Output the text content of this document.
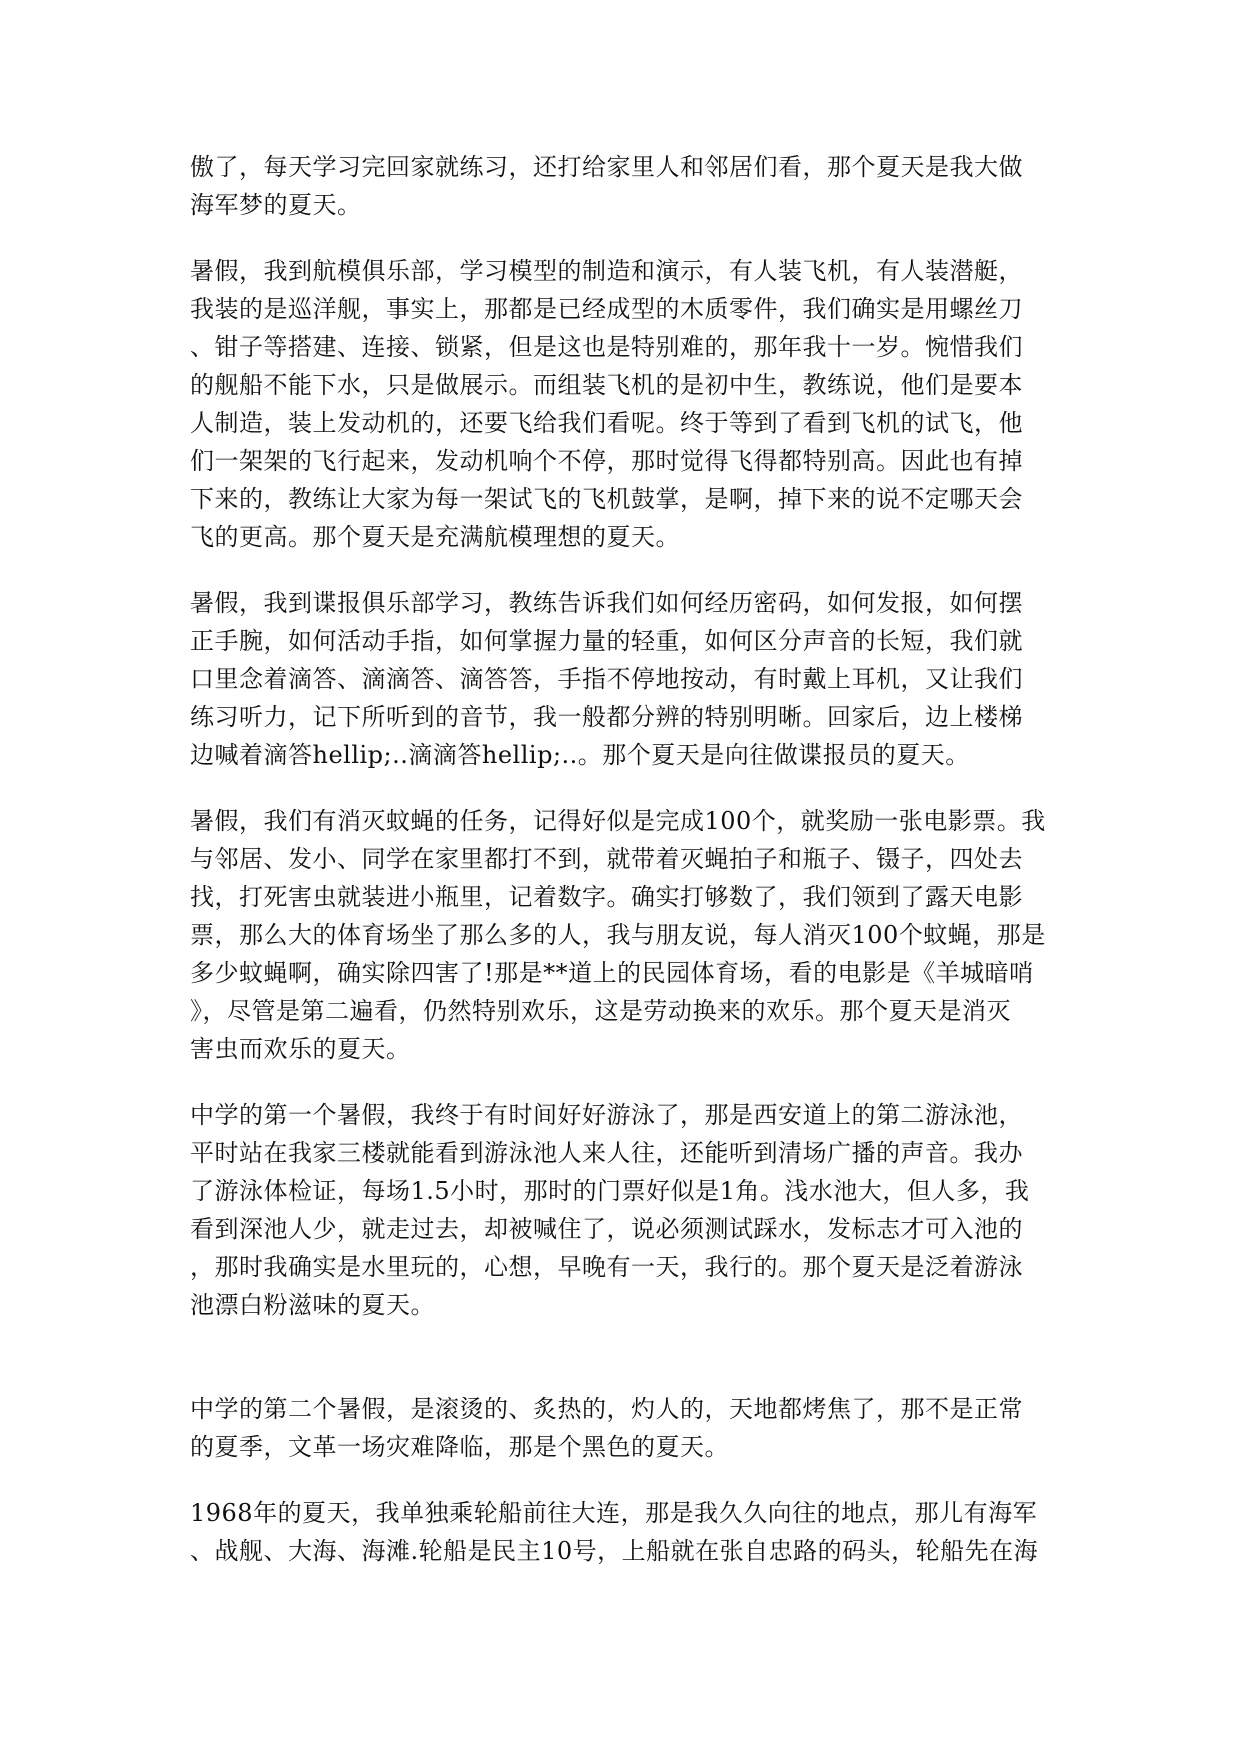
傲了，每天学习完回家就练习，还打给家里人和邻居们看，那个夏天是我大做
海军梦的夏天。
暑假，我到航模俱乐部，学习模型的制造和演示，有人装飞机，有人装潜艇，
我装的是巡洋舰，事实上，那都是已经成型的木质零件，我们确实是用螺丝刀
、钳子等搭建、连接、锁紧，但是这也是特别难的，那年我十一岁。惋惜我们
的舰船不能下水，只是做展示。而组装飞机的是初中生，教练说，他们是要本
人制造，装上发动机的，还要飞给我们看呢。终于等到了看到飞机的试飞，他
们一架架的飞行起来，发动机响个不停，那时觉得飞得都特别高。因此也有掉
下来的，教练让大家为每一架试飞的飞机鼓掌，是啊，掉下来的说不定哪天会
飞的更高。那个夏天是充满航模理想的夏天。
暑假，我到谍报俱乐部学习，教练告诉我们如何经历密码，如何发报，如何摆
正手腕，如何活动手指，如何掌握力量的轻重，如何区分声音的长短，我们就
口里念着滴答、滴滴答、滴答答，手指不停地按动，有时戴上耳机，又让我们
练习听力，记下所听到的音节，我一般都分辨的特别明晰。回家后，边上楼梯
边喊着滴答hellip;..滴滴答hellip;..。那个夏天是向往做谍报员的夏天。
暑假，我们有消灭蚊蝇的任务，记得好似是完成100个，就奖励一张电影票。我
与邻居、发小、同学在家里都打不到，就带着灭蝇拍子和瓶子、镊子，四处去
找，打死害虫就装进小瓶里，记着数字。确实打够数了，我们领到了露天电影
票，那么大的体育场坐了那么多的人，我与朋友说，每人消灭100个蚊蝇，那是
多少蚊蝇啊，确实除四害了!那是**道上的民园体育场，看的电影是《羊城暗哨
》，尽管是第二遍看，仍然特别欢乐，这是劳动换来的欢乐。那个夏天是消灭
害虫而欢乐的夏天。
中学的第一个暑假，我终于有时间好好游泳了，那是西安道上的第二游泳池，
平时站在我家三楼就能看到游泳池人来人往，还能听到清场广播的声音。我办
了游泳体检证，每场1.5小时，那时的门票好似是1角。浅水池大，但人多，我
看到深池人少，就走过去，却被喊住了，说必须测试踩水，发标志才可入池的
，那时我确实是水里玩的，心想，早晚有一天，我行的。那个夏天是泛着游泳
池漂白粉滋味的夏天。
中学的第二个暑假，是滚烫的、炙热的，灼人的，天地都烤焦了，那不是正常
的夏季，文革一场灾难降临，那是个黑色的夏天。
1968年的夏天，我单独乘轮船前往大连，那是我久久向往的地点，那儿有海军
、战舰、大海、海滩.轮船是民主10号，上船就在张自忠路的码头，轮船先在海
